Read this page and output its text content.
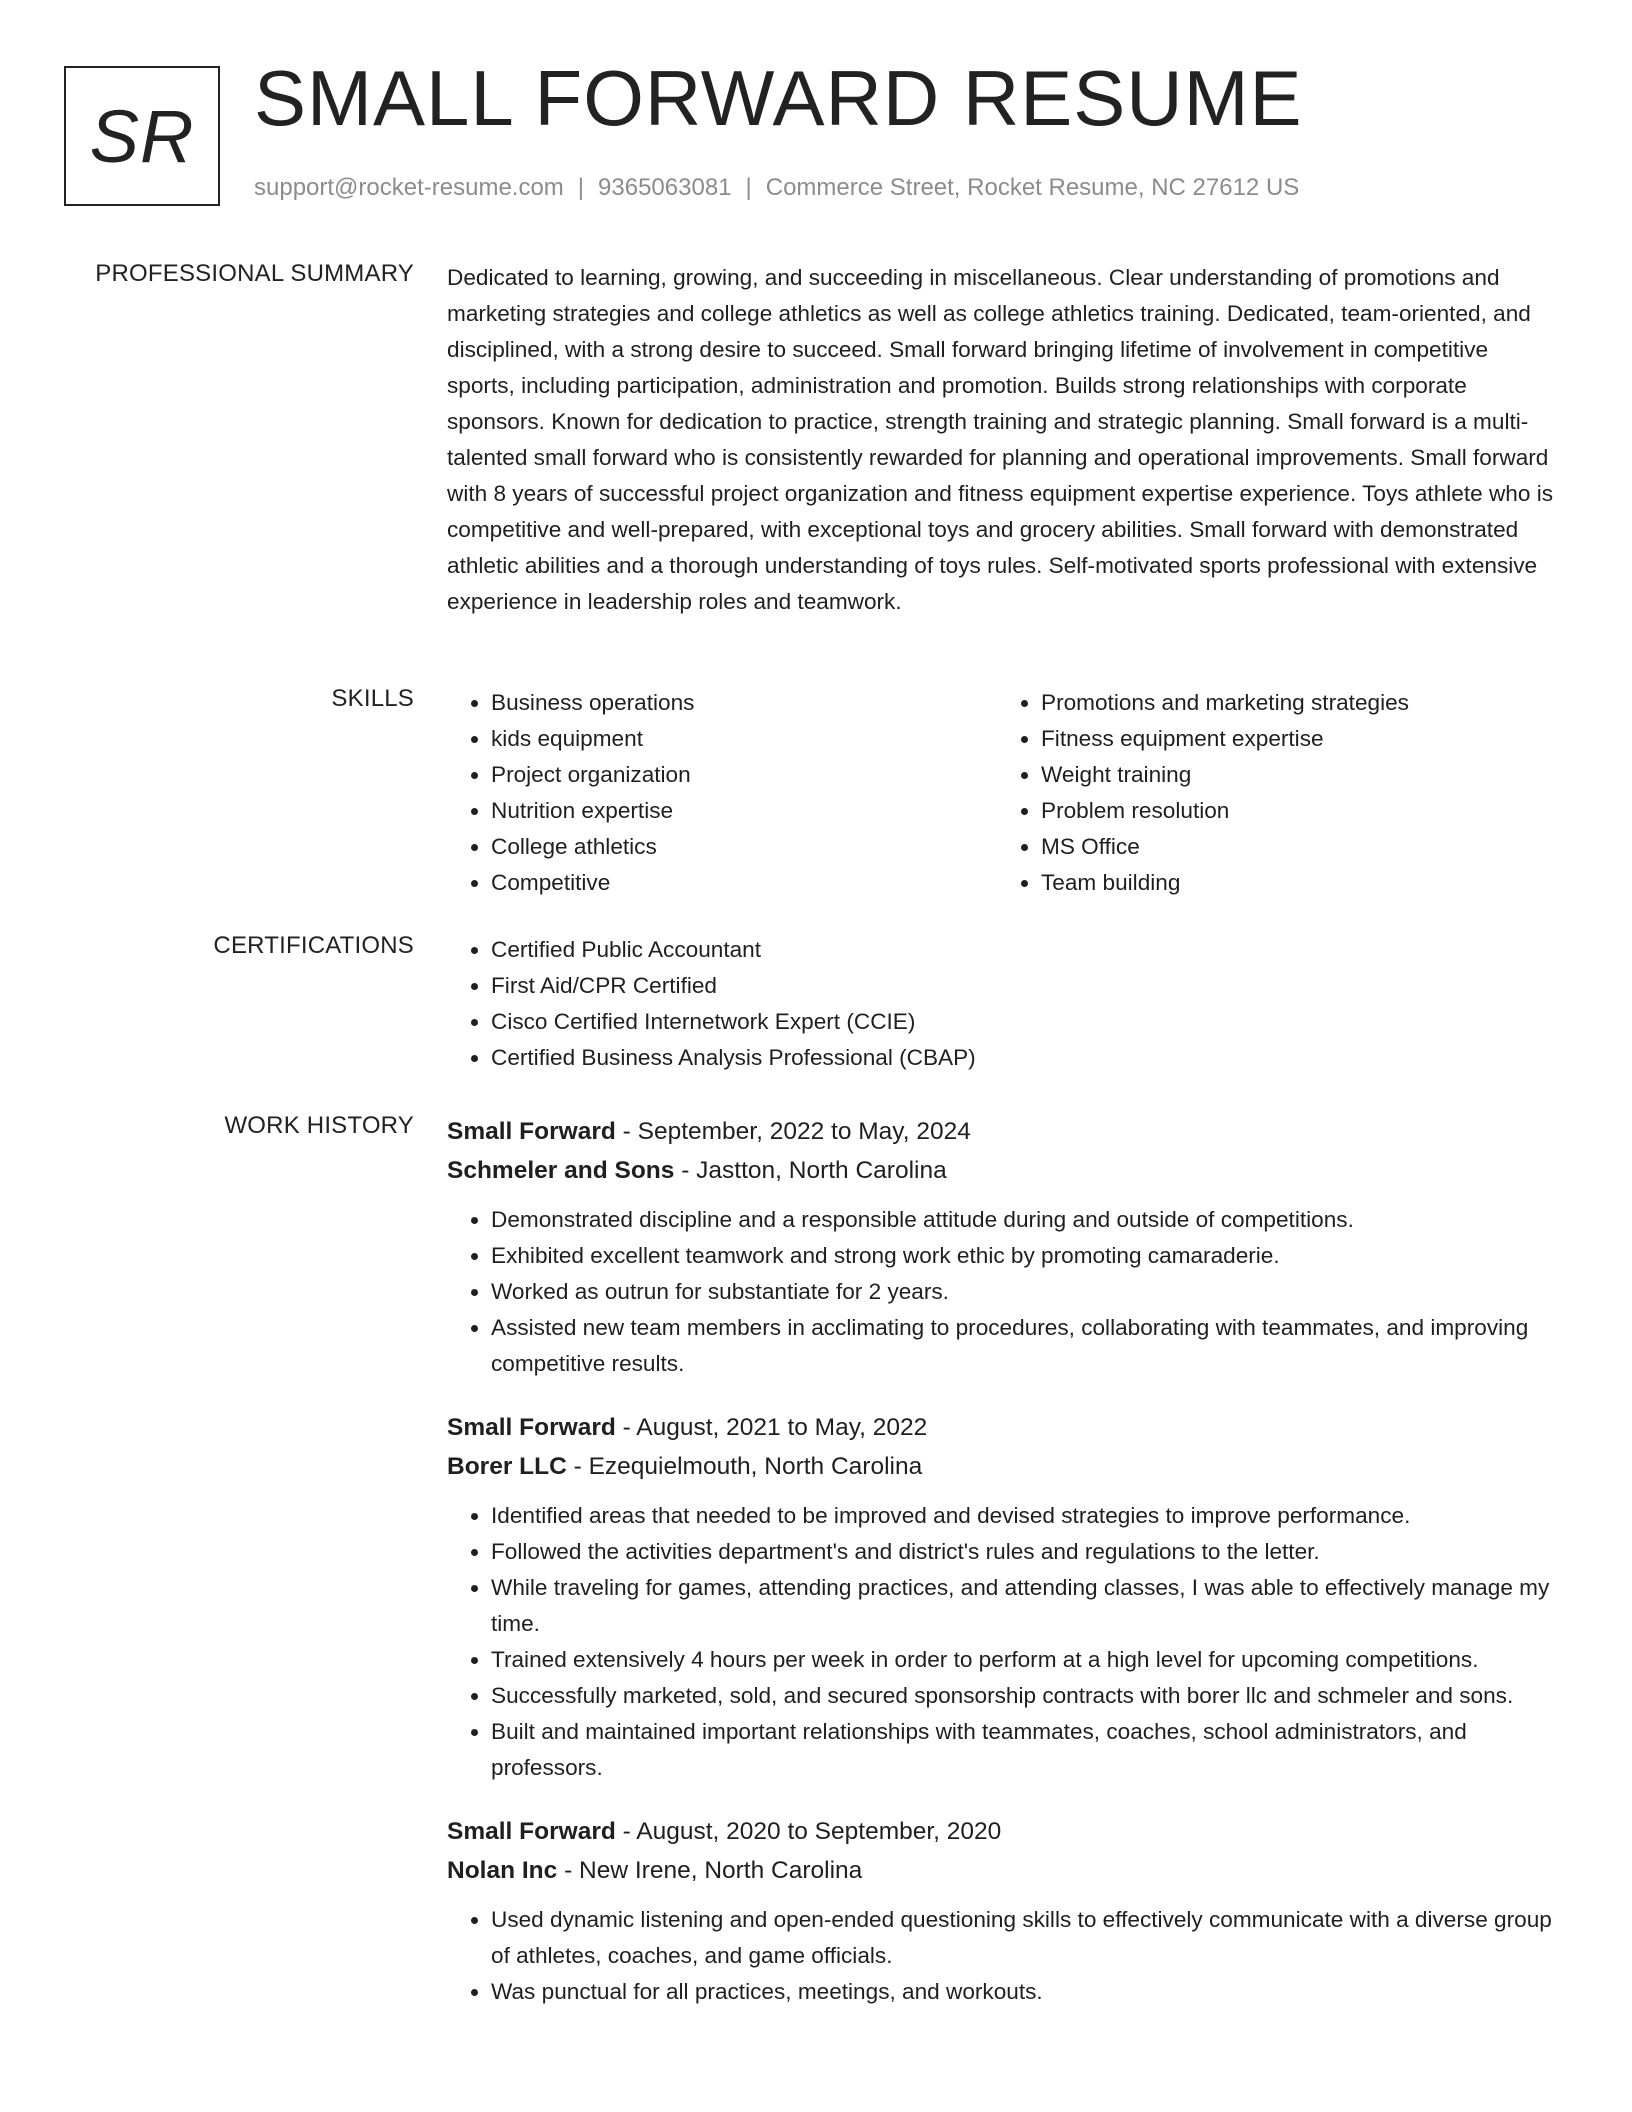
SR SMALL FORWARD RESUME
support@rocket-resume.com | 9365063081 | Commerce Street, Rocket Resume, NC 27612 US
PROFESSIONAL SUMMARY Dedicated to learning, growing, and succeeding in miscellaneous. Clear understanding of promotions and marketing strategies and college athletics as well as college athletics training. Dedicated, team-oriented, and disciplined, with a strong desire to succeed. Small forward bringing lifetime of involvement in competitive sports, including participation, administration and promotion. Builds strong relationships with corporate sponsors. Known for dedication to practice, strength training and strategic planning. Small forward is a multi-talented small forward who is consistently rewarded for planning and operational improvements. Small forward with 8 years of successful project organization and fitness equipment expertise experience. Toys athlete who is competitive and well-prepared, with exceptional toys and grocery abilities. Small forward with demonstrated athletic abilities and a thorough understanding of toys rules. Self-motivated sports professional with extensive experience in leadership roles and teamwork.

SKILLS	• Business operations
• kids equipment
• Project organization
• Nutrition expertise
• College athletics
• Competitive
• Promotions and marketing strategies
• Fitness equipment expertise
• Weight training
• Problem resolution
• MS Office
• Team building
CERTIFICATIONS	• Certified Public Accountant
• First Aid/CPR Certified
• Cisco Certified Internetwork Expert (CCIE)
• Certified Business Analysis Professional (CBAP)
WORK HISTORY Small Forward - September, 2022 to May, 2024
Schmeler and Sons - Jastton, North Carolina
• Demonstrated discipline and a responsible attitude during and outside of competitions.
• Exhibited excellent teamwork and strong work ethic by promoting camaraderie.
• Worked as outrun for substantiate for 2 years.
• Assisted new team members in acclimating to procedures, collaborating with teammates, and improving competitive results.
Small Forward - August, 2021 to May, 2022
Borer LLC - Ezequielmouth, North Carolina
• Identified areas that needed to be improved and devised strategies to improve performance.
• Followed the activities department's and district's rules and regulations to the letter.
• While traveling for games, attending practices, and attending classes, I was able to effectively manage my time.
• Trained extensively 4 hours per week in order to perform at a high level for upcoming competitions.
• Successfully marketed, sold, and secured sponsorship contracts with borer llc and schmeler and sons.
• Built and maintained important relationships with teammates, coaches, school administrators, and professors.
Small Forward - August, 2020 to September, 2020
Nolan Inc - New Irene, North Carolina
• Used dynamic listening and open-ended questioning skills to effectively communicate with a diverse group of athletes, coaches, and game officials.
• Was punctual for all practices, meetings, and workouts.
